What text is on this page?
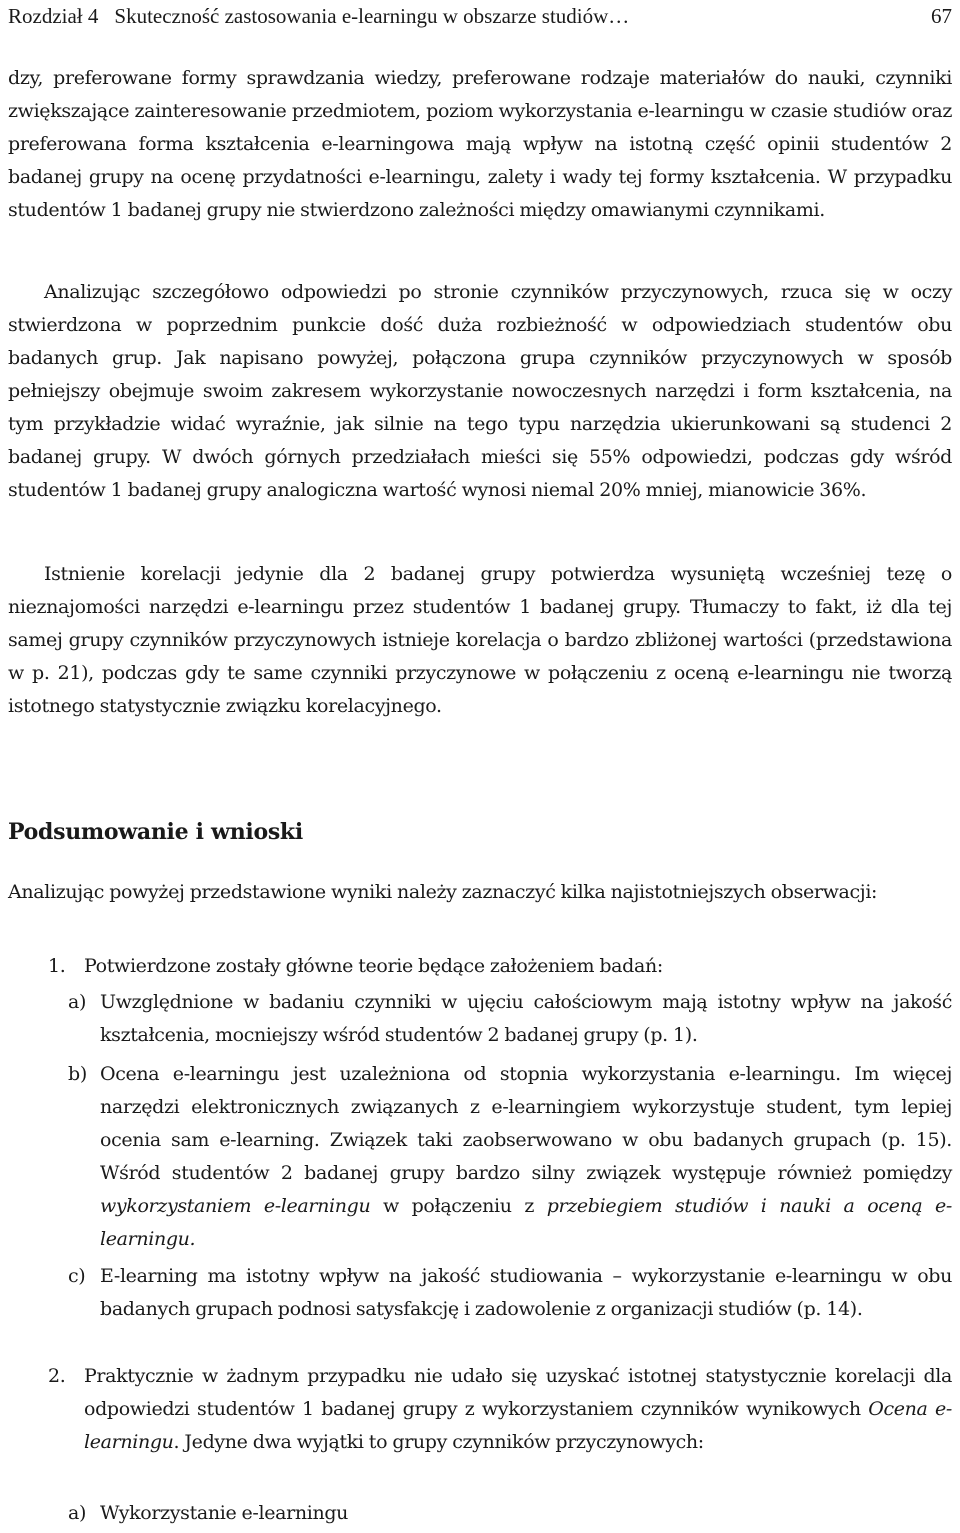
Rozdział 4 Skuteczność zastosowania e-learningu w obszarze studiów…	67

dzy, preferowane formy sprawdzania wiedzy, preferowane rodzaje materiałów do nauki, czynniki zwiększające zainteresowanie przedmiotem, poziom wykorzystania e-learningu w czasie studiów oraz preferowana forma kształcenia e-learningowa mają wpływ na istotną część opinii studentów 2 badanej grupy na ocenę przydatności e-learningu, zalety i wady tej formy kształcenia. W przypadku studentów 1 badanej grupy nie stwierdzono zależności między omawianymi czynnikami.

Analizując szczegółowo odpowiedzi po stronie czynników przyczynowych, rzuca się w oczy stwierdzona w poprzednim punkcie dość duża rozbieżność w odpowiedziach studentów obu badanych grup. Jak napisano powyżej, połączona grupa czynników przyczynowych w sposób pełniejszy obejmuje swoim zakresem wykorzystanie nowoczesnych narzędzi i form kształcenia, na tym przykładzie widać wyraźnie, jak silnie na tego typu narzędzia ukierunkowani są studenci 2 badanej grupy. W dwóch górnych przedziałach mieści się 55% odpowiedzi, podczas gdy wśród studentów 1 badanej grupy analogiczna wartość wynosi niemal 20% mniej, mianowicie 36%.

Istnienie korelacji jedynie dla 2 badanej grupy potwierdza wysuniętą wcześniej tezę o nieznajomości narzędzi e-learningu przez studentów 1 badanej grupy. Tłumaczy to fakt, iż dla tej samej grupy czynników przyczynowych istnieje korelacja o bardzo zbliżonej wartości (przedstawiona w p. 21), podczas gdy te same czynniki przyczynowe w połączeniu z oceną e-learningu nie tworzą istotnego statystycznie związku korelacyjnego.

Podsumowanie i wnioski

Analizując powyżej przedstawione wyniki należy zaznaczyć kilka najistotniejszych obserwacji:

1. Potwierdzone zostały główne teorie będące założeniem badań:
a) Uwzględnione w badaniu czynniki w ujęciu całościowym mają istotny wpływ na jakość kształcenia, mocniejszy wśród studentów 2 badanej grupy (p. 1).
b) Ocena e-learningu jest uzależniona od stopnia wykorzystania e-learningu. Im więcej narzędzi elektronicznych związanych z e-learningiem wykorzystuje student, tym lepiej ocenia sam e-learning. Związek taki zaobserwowano w obu badanych grupach (p. 15). Wśród studentów 2 badanej grupy bardzo silny związek występuje również pomiędzy wykorzystaniem e-learningu w połączeniu z przebiegiem studiów i nauki a oceną e-learningu.
c) E-learning ma istotny wpływ na jakość studiowania – wykorzystanie e-learningu w obu badanych grupach podnosi satysfakcję i zadowolenie z organizacji studiów (p. 14).
2. Praktycznie w żadnym przypadku nie udało się uzyskać istotnej statystycznie korelacji dla odpowiedzi studentów 1 badanej grupy z wykorzystaniem czynników wynikowych Ocena e-learningu. Jedyne dwa wyjątki to grupy czynników przyczynowych:
a) Wykorzystanie e-learningu
